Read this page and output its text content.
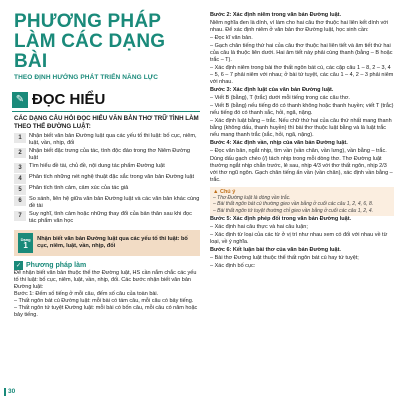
PHƯƠNG PHÁP
LÀM CÁC DẠNG BÀI
THEO ĐỊNH HƯỚNG PHÁT TRIỂN NĂNG LỰC
✎ ĐỌC HIỂU
CÁC DẠNG CÂU HỎI ĐỌC HIỂU VĂN BẢN THƠ TRỮ TÌNH LÀM THEO THỂ ĐƯỜNG LUẬT:
1	Nhận biết văn bản Đường luật qua các yếu tố thi luật: bố cục, niêm, luật, vần, nhịp, đối
2	Nhận biết đặc trưng của tác, tình độc đáo trong thơ Niêm Đường luật
3	Tìm hiểu đề tài, chủ đề, nội dung tác phẩm Đường luật
4	Phân tích những nét nghệ thuật đặc sắc trong văn bản Đường luật
5	Phân tích tình cảm, cảm xúc của tác giả
6	So sánh, liên hệ giữa văn bản Đường luật và các văn bản khác cùng đề tài
7	Suy nghĩ, tình cảm hoặc những thay đổi của bản thân sau khi đọc tác phẩm văn học
Dạng
1
Nhận biết văn bản Đường luật qua các yếu tố thi luật: bố cục, niêm, luật, vần, nhịp, đối
✓ Phương pháp làm
Để nhận biết văn bản thuộc thể thơ Đường luật, HS cần nắm chắc các yếu tố thi luật: bố cục, niêm, luật, vần, nhịp, đối. Các bước nhận biết văn bản Đường luật:
Bước 1: Đếm số tiếng ở mỗi câu, đếm số câu của toàn bài.
– Thất ngôn bát cú Đường luật: mỗi bài có tám câu, mỗi câu có bảy tiếng.
– Thất ngôn tứ tuyệt Đường luật: mỗi bài có bốn câu, mỗi câu có năm hoặc bảy tiếng.
30
Bước 2: Xác định niêm trong văn bản Đường luật.
Niêm nghĩa đen là dính, ví làm cho hai câu thơ thuộc hai liên kết dính với nhau. Để xác định niêm ở văn bản thơ Đường luật, học sinh cần:
– Đọc kĩ văn bản.
– Gạch chân tiếng thứ hai của câu thơ thuộc hai liên tiết và âm tiết thứ hai của câu là thuộc liên dưới. Hai âm tiết này phải cùng thanh (bằng – B hoặc trắc – T).
– Xác định niêm trong bài thơ thất ngôn bát cú, các cặp câu 1 – 8, 2 – 3, 4 – 5, 6 – 7 phải niêm với nhau; ở bài tứ tuyệt, các câu 1 – 4, 2 – 3 phải niêm với nhau.
Bước 3: Xác định luật của văn bản Đường luật.
– Viết B (bằng), T (trắc) dưới mỗi tiếng trong các câu thơ.
– Viết B (bằng) nếu tiếng đó có thanh không hoặc thanh huyền; viết T (trắc) nếu tiếng đó có thanh sắc, hỏi, ngã, nặng.
– Xác định luật bằng – trắc. Nếu chữ thứ hai của câu thứ nhất mang thanh bằng (không dấu, thanh huyền) thì bài thơ thuộc luật bằng và là luật trắc nếu mang thanh trắc (sắc, hỏi, ngã, nặng).
Bước 4: Xác định vần, nhịp của văn bản Đường luật.
– Đọc văn bản, ngắt nhịp, tìm vần (vần chân, vần lưng), vần bằng – trắc.
Dùng dấu gạch chéo (/) tách nhịp trong mỗi dòng thơ. Thơ Đường luật thường ngắt nhịp chẵn trước, lẻ sau, nhịp 4/3 với thơ thất ngôn, nhịp 2/3 với thơ ngũ ngôn. Gạch chân tiếng ẩn vần (vần chân), xác định vần bằng – trắc.
▲ Chú ý
– Thơ Đường luật là dòng vần trắc.
– Bài thất ngôn bát cú thường gieo vần bằng ở cuối các câu 1, 2, 4, 6, 8.
– Bài thất ngôn tứ tuyệt thường chỉ gieo vần bằng ở cuối các câu 1, 2, 4.
Bước 5: Xác định phép đối trong văn bản Đường luật.
– Xác định hai câu thực và hai câu luận;
– Xác định từ loại của các từ ở vị trí như nhau xem có đối với nhau về từ loại, về ý nghĩa.
Bước 6: Kết luận bài thơ của văn bản Đường luật.
– Bài thơ Đường luật thuộc thể thất ngôn bát cú hay tứ tuyệt;
– Xác định bố cục:
